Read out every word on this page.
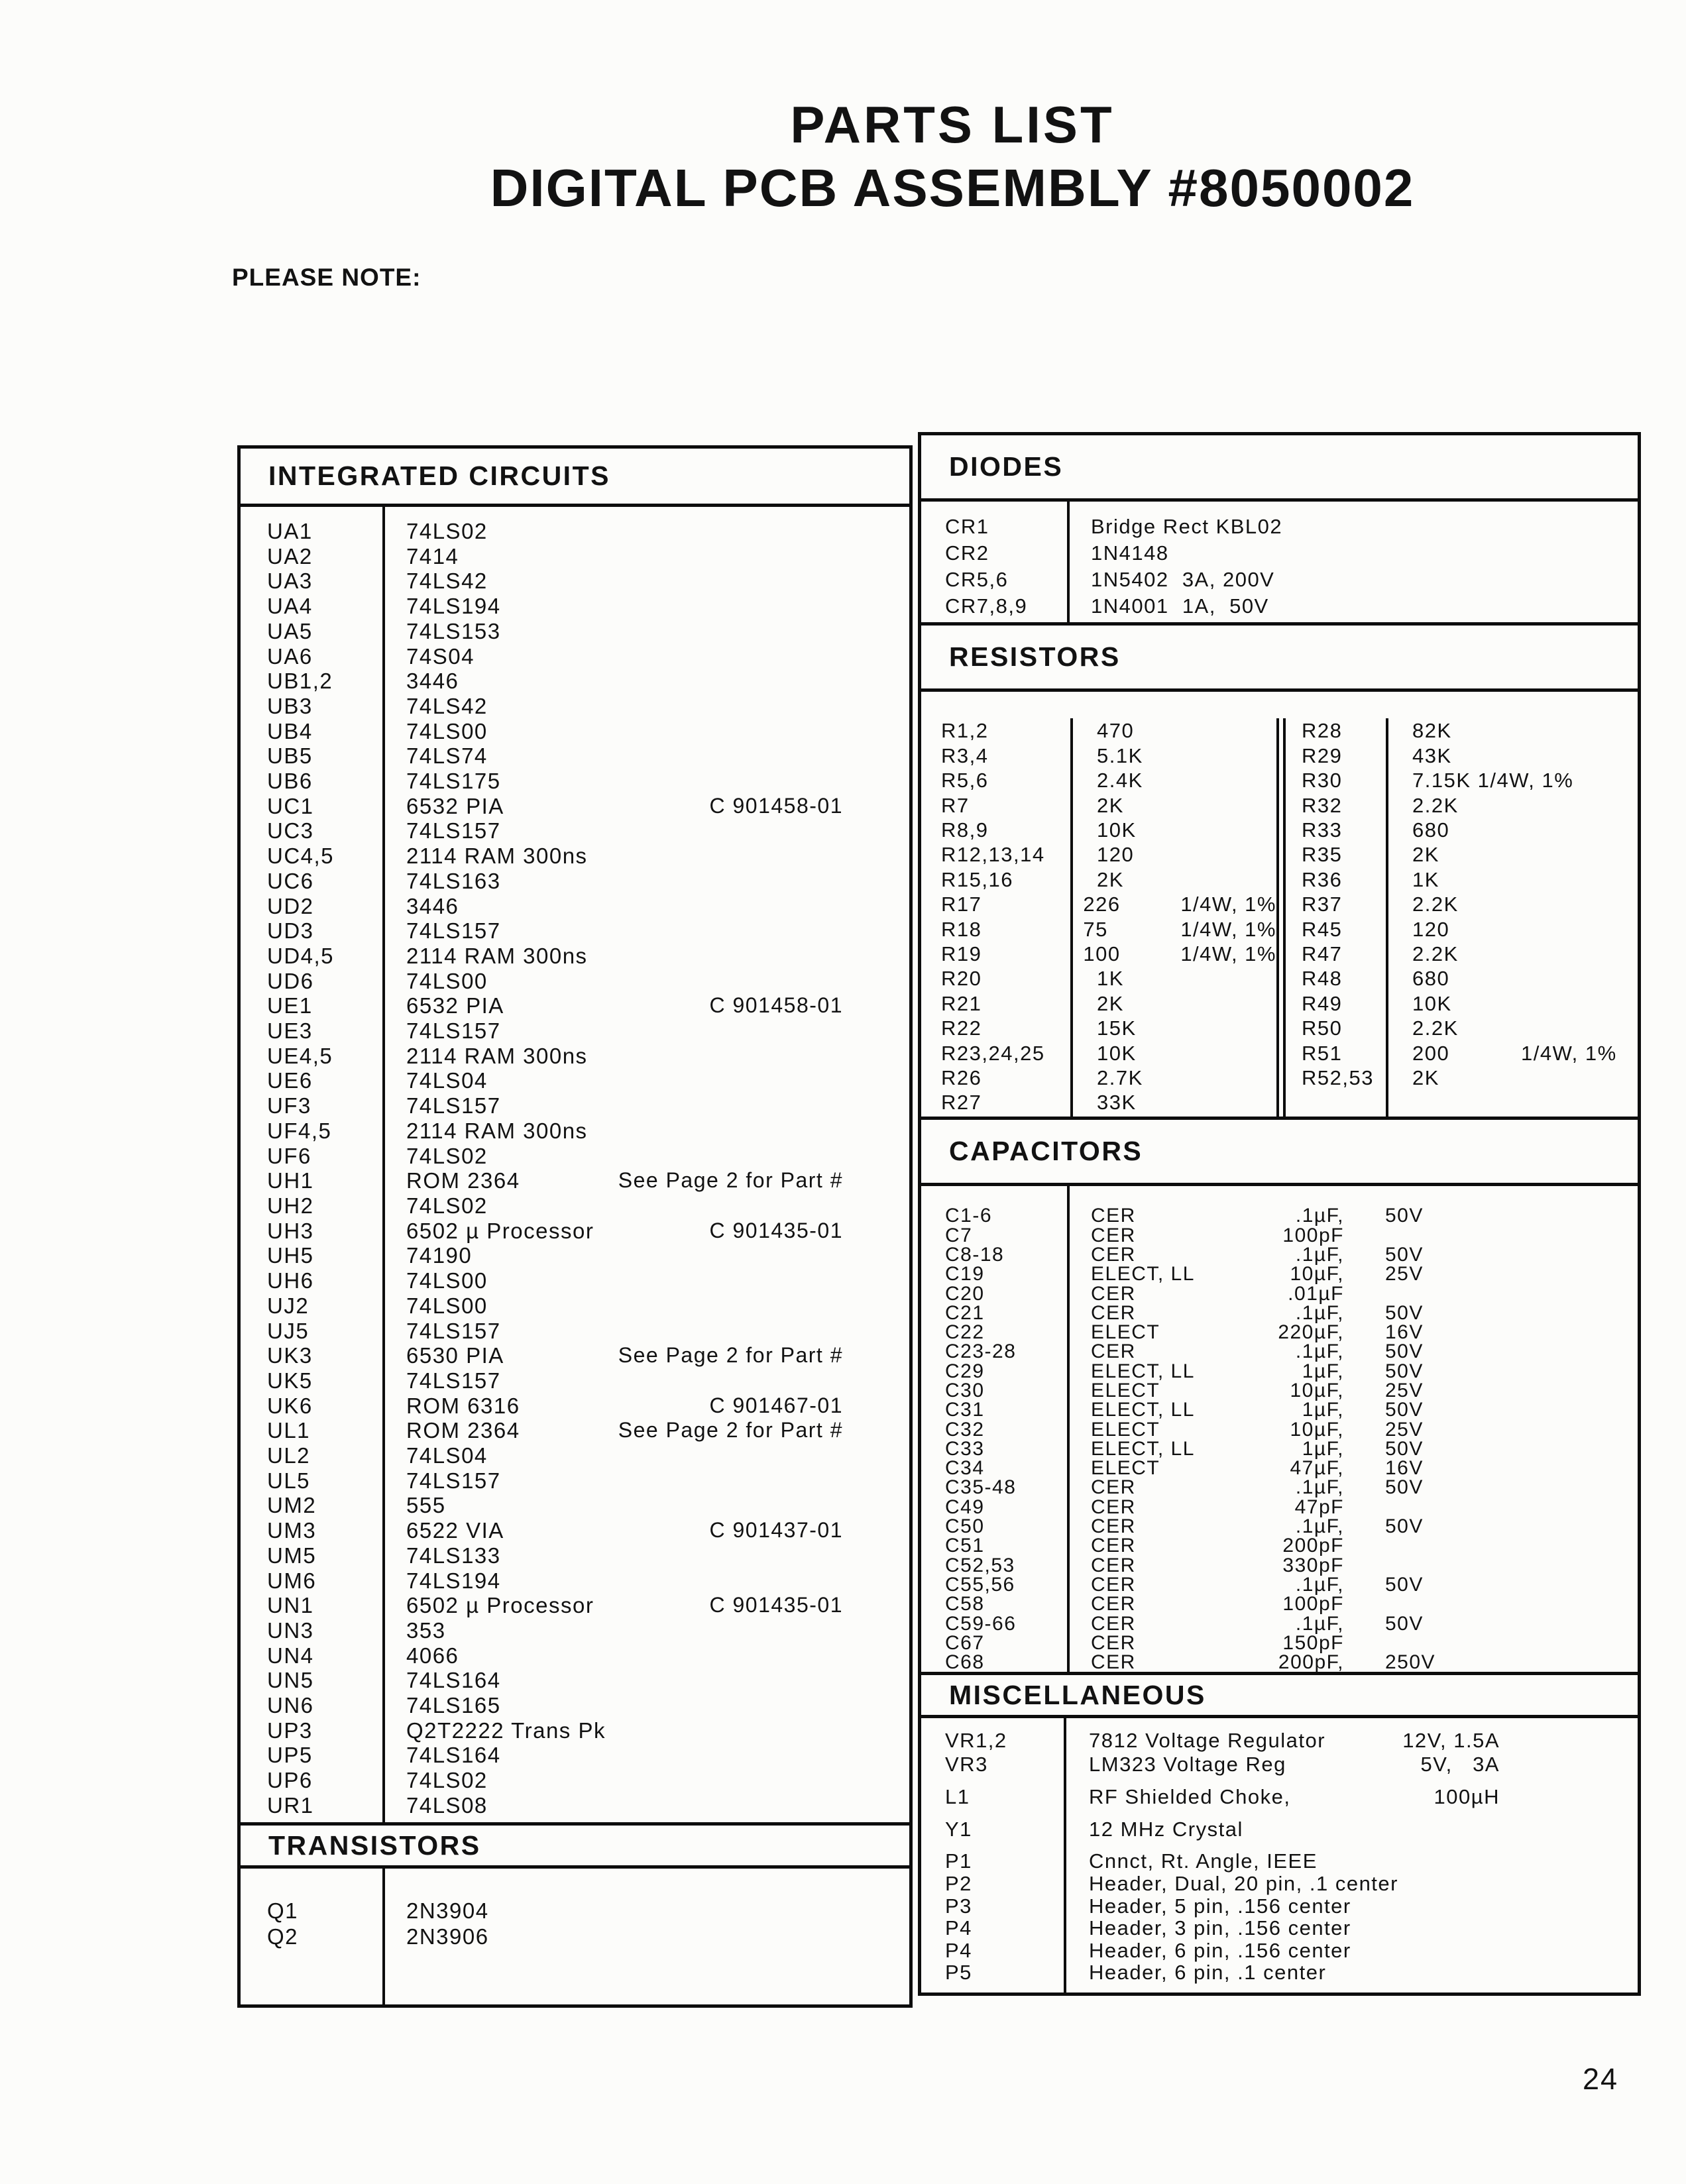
PARTS LIST
DIGITAL PCB ASSEMBLY #8050002
PLEASE NOTE:
INTEGRATED CIRCUITS
UA1	74LS02
UA2	7414
UA3	74LS42
UA4	74LS194
UA5	74LS153
UA6	74S04
UB1,2	3446
UB3	74LS42
UB4	74LS00
UB5	74LS74
UB6	74LS175
UC1	6532 PIA	C 901458-01
UC3	74LS157
UC4,5	2114 RAM 300ns
UC6	74LS163
UD2	3446
UD3	74LS157
UD4,5	2114 RAM 300ns
UD6	74LS00
UE1	6532 PIA	C 901458-01
UE3	74LS157
UE4,5	2114 RAM 300ns
UE6	74LS04
UF3	74LS157
UF4,5	2114 RAM 300ns
UF6	74LS02
UH1	ROM 2364	See Page 2 for Part #
UH2	74LS02
UH3	6502 µ Processor	C 901435-01
UH5	74190
UH6	74LS00
UJ2	74LS00
UJ5	74LS157
UK3	6530 PIA	See Page 2 for Part #
UK5	74LS157
UK6	ROM 6316	C 901467-01
UL1	ROM 2364	See Page 2 for Part #
UL2	74LS04
UL5	74LS157
UM2	555
UM3	6522 VIA	C 901437-01
UM5	74LS133
UM6	74LS194
UN1	6502 µ Processor	C 901435-01
UN3	353
UN4	4066
UN5	74LS164
UN6	74LS165
UP3	Q2T2222 Trans Pk
UP5	74LS164
UP6	74LS02
UR1	74LS08
TRANSISTORS
Q1	2N3904
Q2	2N3906
DIODES
CR1	Bridge Rect KBL02
CR2	1N4148
CR5,6	1N5402  3A, 200V
CR7,8,9	1N4001  1A,  50V
RESISTORS
R1,2	470
R3,4	5.1K
R5,6	2.4K
R7	2K
R8,9	10K
R12,13,14	120
R15,16	2K
R17	226	1/4W, 1%
R18	75	1/4W, 1%
R19	100	1/4W, 1%
R20	1K
R21	2K
R22	15K
R23,24,25	10K
R26	2.7K
R27	33K
R28	82K
R29	43K
R30	7.15K 1/4W, 1%
R32	2.2K
R33	680
R35	2K
R36	1K
R37	2.2K
R45	120
R47	2.2K
R48	680
R49	10K
R50	2.2K
R51	200	1/4W, 1%
R52,53	2K
CAPACITORS
C1-6	CER	.1µF,	50V
C7	CER	100pF
C8-18	CER	.1µF,	50V
C19	ELECT, LL	10µF,	25V
C20	CER	.01µF
C21	CER	.1µF,	50V
C22	ELECT	220µF,	16V
C23-28	CER	.1µF,	50V
C29	ELECT, LL	1µF,	50V
C30	ELECT	10µF,	25V
C31	ELECT, LL	1µF,	50V
C32	ELECT	10µF,	25V
C33	ELECT, LL	1µF,	50V
C34	ELECT	47µF,	16V
C35-48	CER	.1µF,	50V
C49	CER	47pF
C50	CER	.1µF,	50V
C51	CER	200pF
C52,53	CER	330pF
C55,56	CER	.1µF,	50V
C58	CER	100pF
C59-66	CER	.1µF,	50V
C67	CER	150pF
C68	CER	200pF,	250V
MISCELLANEOUS
VR1,2	7812 Voltage Regulator	12V, 1.5A
VR3	LM323 Voltage Reg	5V,   3A
L1	RF Shielded Choke,	100µH
Y1	12 MHz Crystal
P1	Cnnct, Rt. Angle, IEEE
P2	Header, Dual, 20 pin, .1 center
P3	Header, 5 pin, .156 center
P4	Header, 3 pin, .156 center
P4	Header, 6 pin, .156 center
P5	Header, 6 pin, .1 center
24
